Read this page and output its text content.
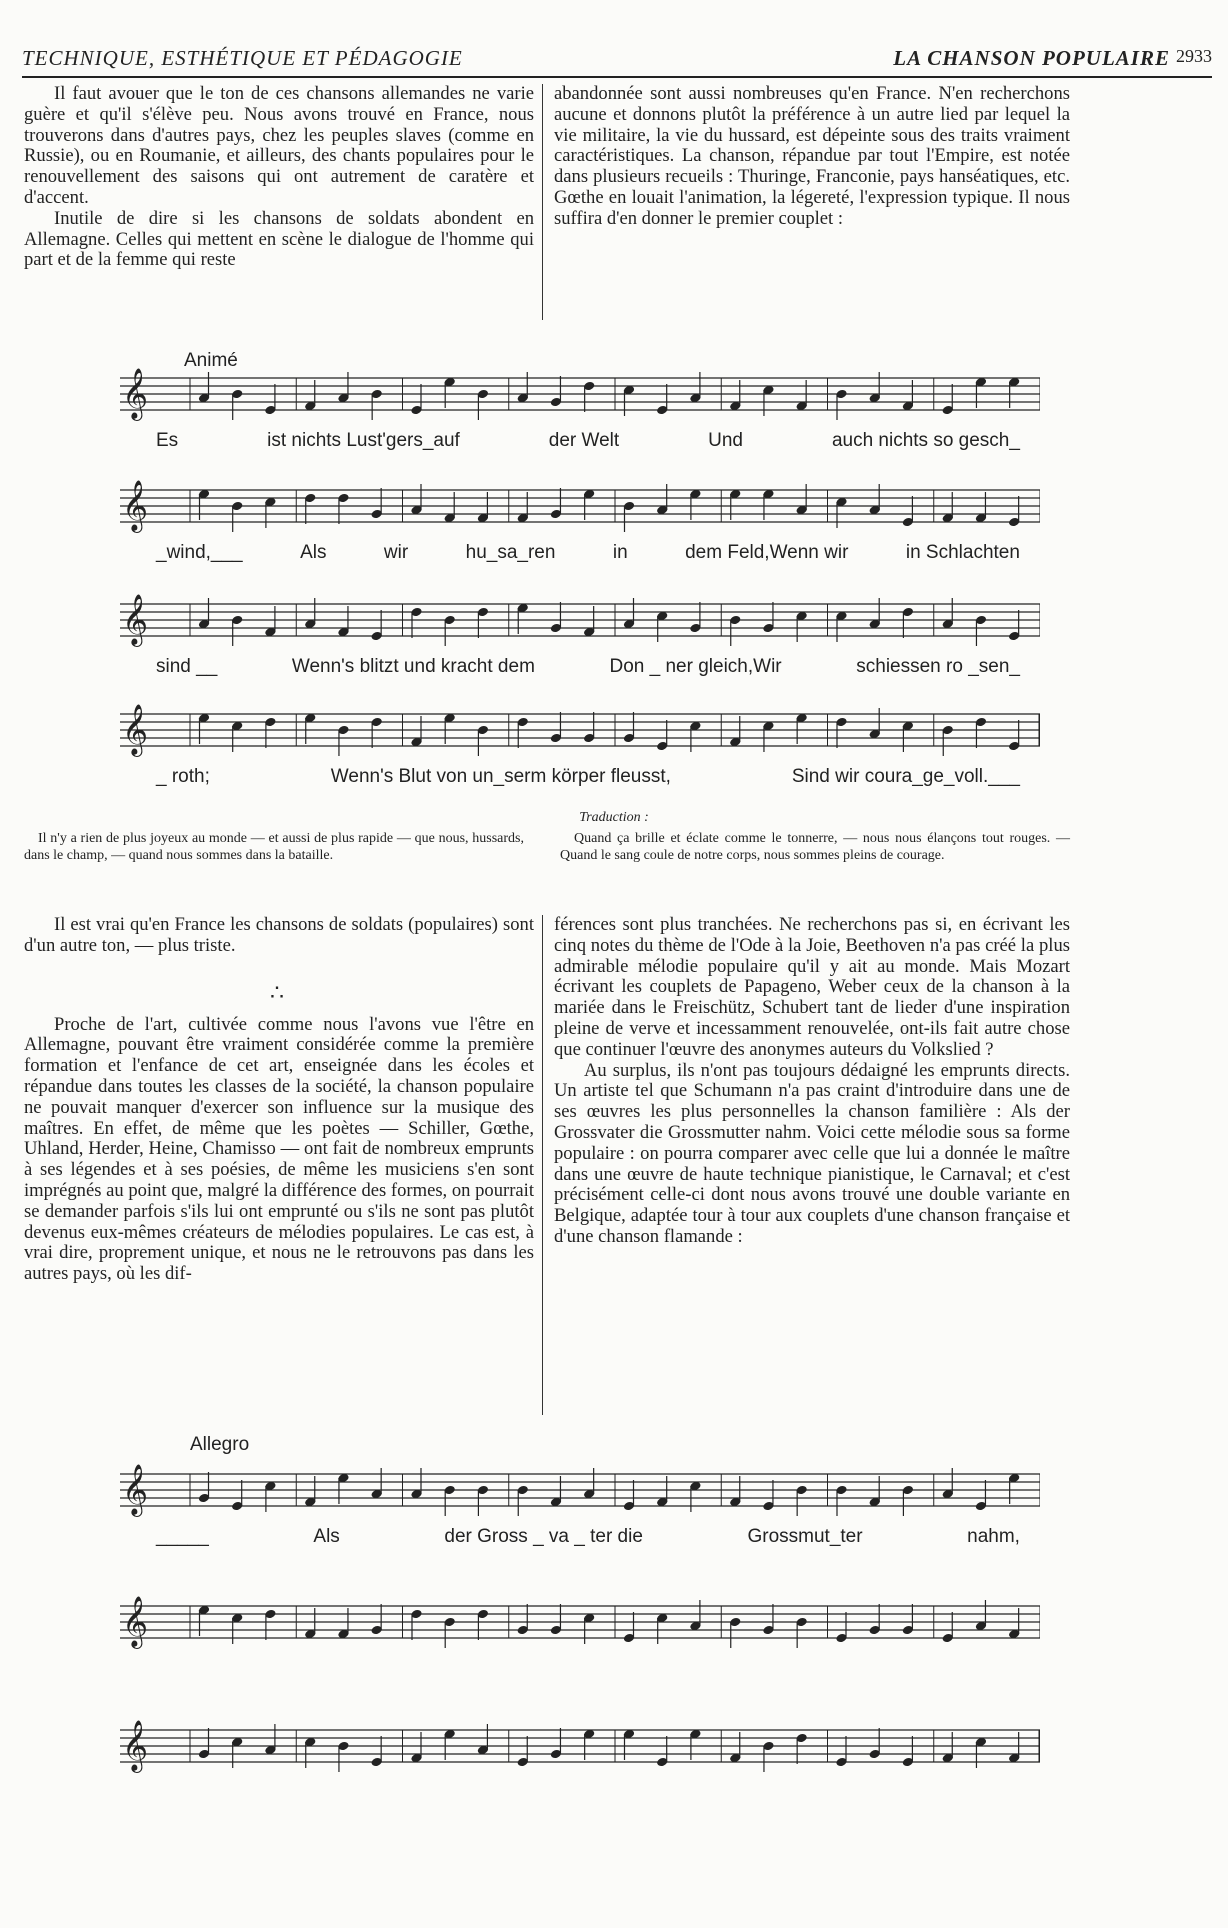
TECHNIQUE, ESTHÉTIQUE ET PÉDAGOGIE	LA CHANSON POPULAIRE 2933

Il faut avouer que le ton de ces chansons allemandes ne varie guère et qu'il s'élève peu. Nous avons trouvé en France, nous trouverons dans d'autres pays, chez les peuples slaves (comme en Russie), ou en Roumanie, et ailleurs, des chants populaires pour le renouvellement des saisons qui ont autrement de caratère et d'accent.

Inutile de dire si les chansons de soldats abondent en Allemagne. Celles qui mettent en scène le dialogue de l'homme qui part et de la femme qui reste

abandonnée sont aussi nombreuses qu'en France. N'en recherchons aucune et donnons plutôt la préférence à un autre lied par lequel la vie militaire, la vie du hussard, est dépeinte sous des traits vraiment caractéristiques. La chanson, répandue par tout l'Empire, est notée dans plusieurs recueils : Thuringe, Franconie, pays hanséatiques, etc. Gœthe en louait l'animation, la légereté, l'expression typique. Il nous suffira d'en donner le premier couplet :

Animé
𝄞
𝄞
𝄞
𝄞
Es	ist nichts Lust'gers_auf	der Welt	Und	auch nichts so gesch_
_wind,___	Als	wir	hu_sa_ren	in	dem Feld,Wenn wir	in Schlachten
sind __	Wenn's blitzt und kracht dem	Don _ ner gleich,Wir	schiessen ro _sen_
_ roth;	Wenn's Blut von un_serm körper fleusst,	Sind wir coura_ge_voll.___
Traduction :

Il n'y a rien de plus joyeux au monde — et aussi de plus rapide — que nous, hussards, dans le champ, — quand nous sommes dans la bataille.

Quand ça brille et éclate comme le tonnerre, — nous nous élançons tout rouges. — Quand le sang coule de notre corps, nous sommes pleins de courage.

Il est vrai qu'en France les chansons de soldats (populaires) sont d'un autre ton, — plus triste.

Proche de l'art, cultivée comme nous l'avons vue l'être en Allemagne, pouvant être vraiment considérée comme la première formation et l'enfance de cet art, enseignée dans les écoles et répandue dans toutes les classes de la société, la chanson populaire ne pouvait manquer d'exercer son influence sur la musique des maîtres. En effet, de même que les poètes — Schiller, Gœthe, Uhland, Herder, Heine, Chamisso — ont fait de nombreux emprunts à ses légendes et à ses poésies, de même les musiciens s'en sont imprégnés au point que, malgré la différence des formes, on pourrait se demander parfois s'ils lui ont emprunté ou s'ils ne sont pas plutôt devenus eux-mêmes créateurs de mélodies populaires. Le cas est, à vrai dire, proprement unique, et nous ne le retrouvons pas dans les autres pays, où les dif-

∴

férences sont plus tranchées. Ne recherchons pas si, en écrivant les cinq notes du thème de l'Ode à la Joie, Beethoven n'a pas créé la plus admirable mélodie populaire qu'il y ait au monde. Mais Mozart écrivant les couplets de Papageno, Weber ceux de la chanson à la mariée dans le Freischütz, Schubert tant de lieder d'une inspiration pleine de verve et incessamment renouvelée, ont-ils fait autre chose que continuer l'œuvre des anonymes auteurs du Volkslied ?

Au surplus, ils n'ont pas toujours dédaigné les emprunts directs. Un artiste tel que Schumann n'a pas craint d'introduire dans une de ses œuvres les plus personnelles la chanson familière : Als der Grossvater die Grossmutter nahm. Voici cette mélodie sous sa forme populaire : on pourra comparer avec celle que lui a donnée le maître dans une œuvre de haute technique pianistique, le Carnaval; et c'est précisément celle-ci dont nous avons trouvé une double variante en Belgique, adaptée tour à tour aux couplets d'une chanson française et d'une chanson flamande :

Allegro
𝄞
𝄞
𝄞
_____	Als	der Gross _ va _ ter die	Grossmut_ter	nahm,
